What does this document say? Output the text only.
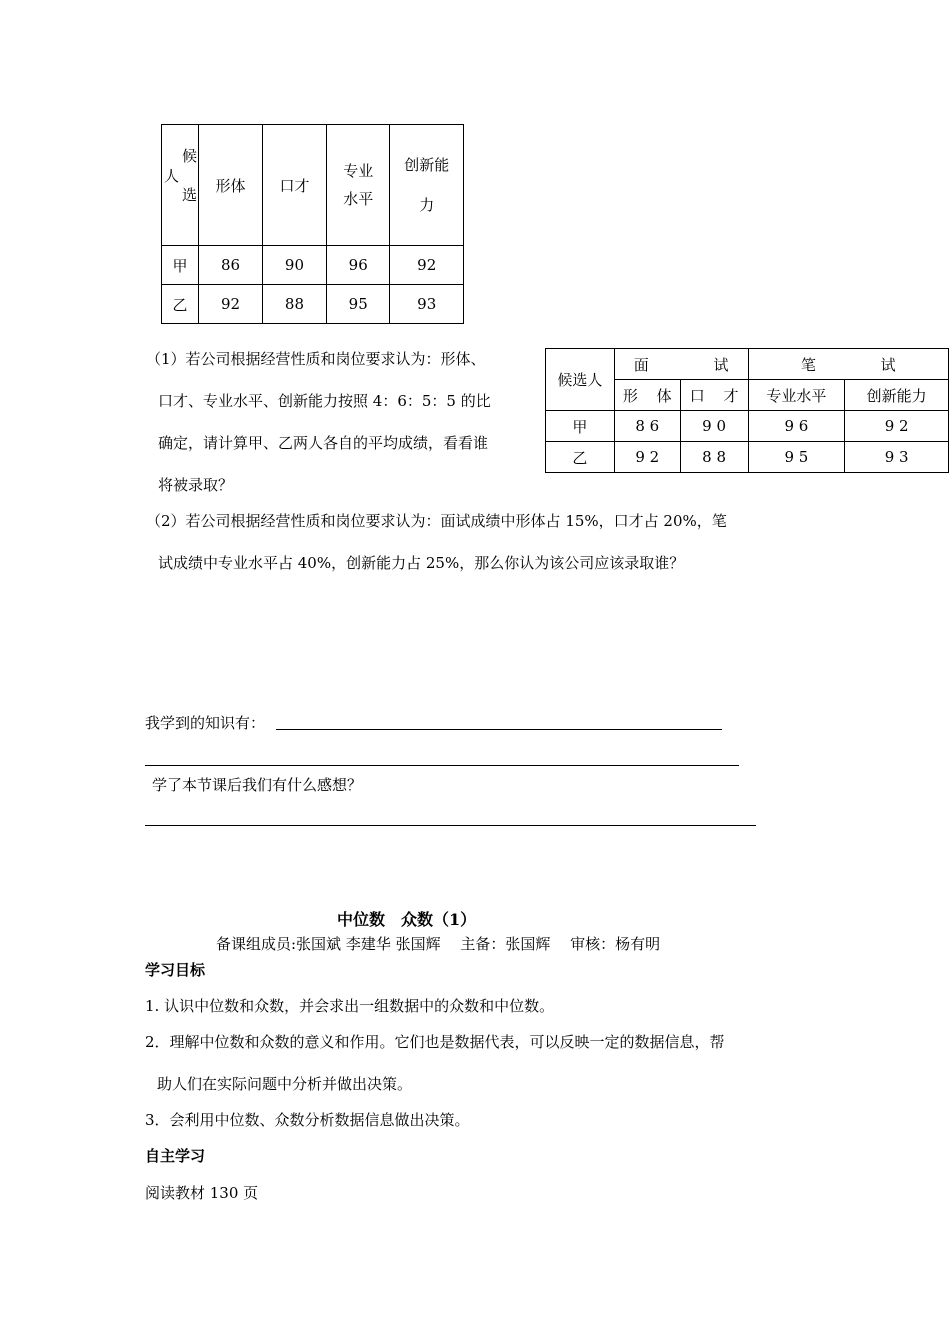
候选人	形体	口才	专业水平	创新能力

甲	86	90	96	92
乙	92	88	95	93
（1）若公司根据经营性质和岗位要求认为：形体、
口才、专业水平、创新能力按照 4：6：5：5 的比
确定，请计算甲、乙两人各自的平均成绩，看看谁
将被录取？
候选人	面 试		笔 试	
	形 体	口 才	专业水平	创新能力
甲	8 6	9 0	9 6	9 2
乙	9 2	8 8	9 5	9 3
（2）若公司根据经营性质和岗位要求认为：面试成绩中形体占 15%，口才占 20%，笔
试成绩中专业水平占 40%，创新能力占 25%，那么你认为该公司应该录取谁？
我学到的知识有：
学了本节课后我们有什么感想？
中位数　众数（1）
备课组成员:张国斌 李建华 张国辉　 主备：张国辉　 审核：杨有明
学习目标
1. 认识中位数和众数，并会求出一组数据中的众数和中位数。
2．理解中位数和众数的意义和作用。它们也是数据代表，可以反映一定的数据信息，帮
助人们在实际问题中分析并做出决策。
3．会利用中位数、众数分析数据信息做出决策。
自主学习
阅读教材 130 页
